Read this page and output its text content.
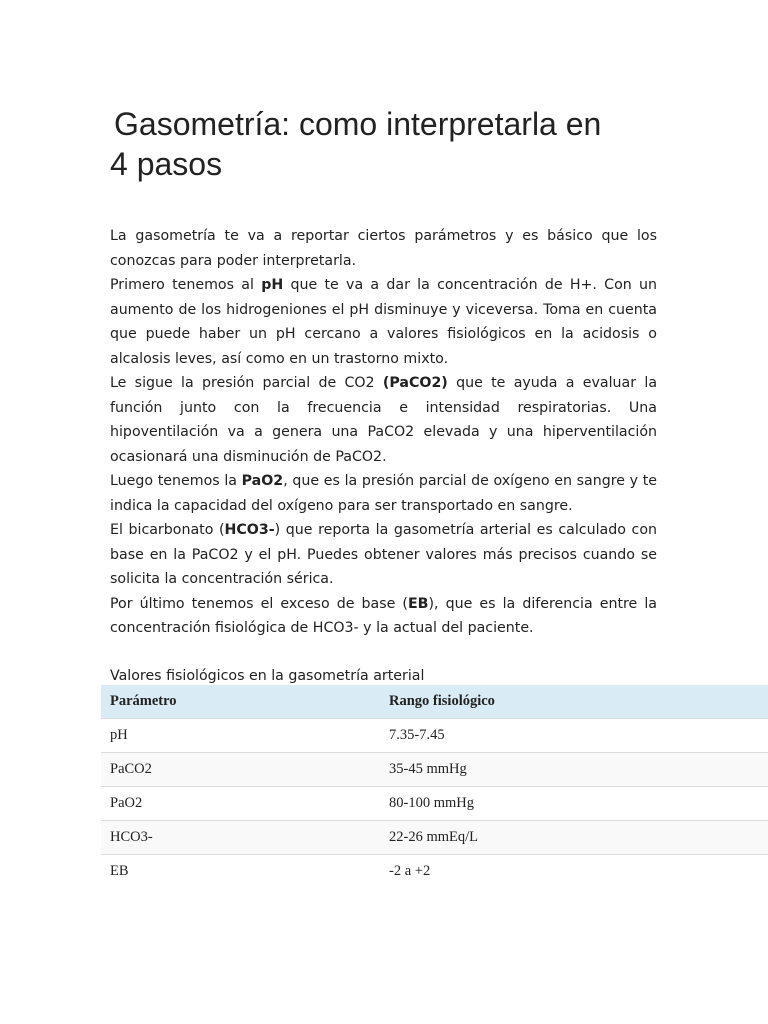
Gasometría: como interpretarla en
4 pasos

La gasometría te va a reportar ciertos parámetros y es básico que los conozcas para poder interpretarla.

Primero tenemos al pH que te va a dar la concentración de H+. Con un aumento de los hidrogeniones el pH disminuye y viceversa. Toma en cuenta que puede haber un pH cercano a valores fisiológicos en la acidosis o alcalosis leves, así como en un trastorno mixto.

Le sigue la presión parcial de CO2 (PaCO2) que te ayuda a evaluar la función junto con la frecuencia e intensidad respiratorias. Una hipoventilación va a genera una PaCO2 elevada y una hiperventilación ocasionará una disminución de PaCO2.

Luego tenemos la PaO2, que es la presión parcial de oxígeno en sangre y te indica la capacidad del oxígeno para ser transportado en sangre.

El bicarbonato (HCO3-) que reporta la gasometría arterial es calculado con base en la PaCO2 y el pH. Puedes obtener valores más precisos cuando se solicita la concentración sérica.

Por último tenemos el exceso de base (EB), que es la diferencia entre la concentración fisiológica de HCO3- y la actual del paciente.

Valores fisiológicos en la gasometría arterial
Parámetro	Rango fisiológico
pH	7.35-7.45
PaCO2	35-45 mmHg
PaO2	80-100 mmHg
HCO3-	22-26 mmEq/L
EB	-2 a +2
